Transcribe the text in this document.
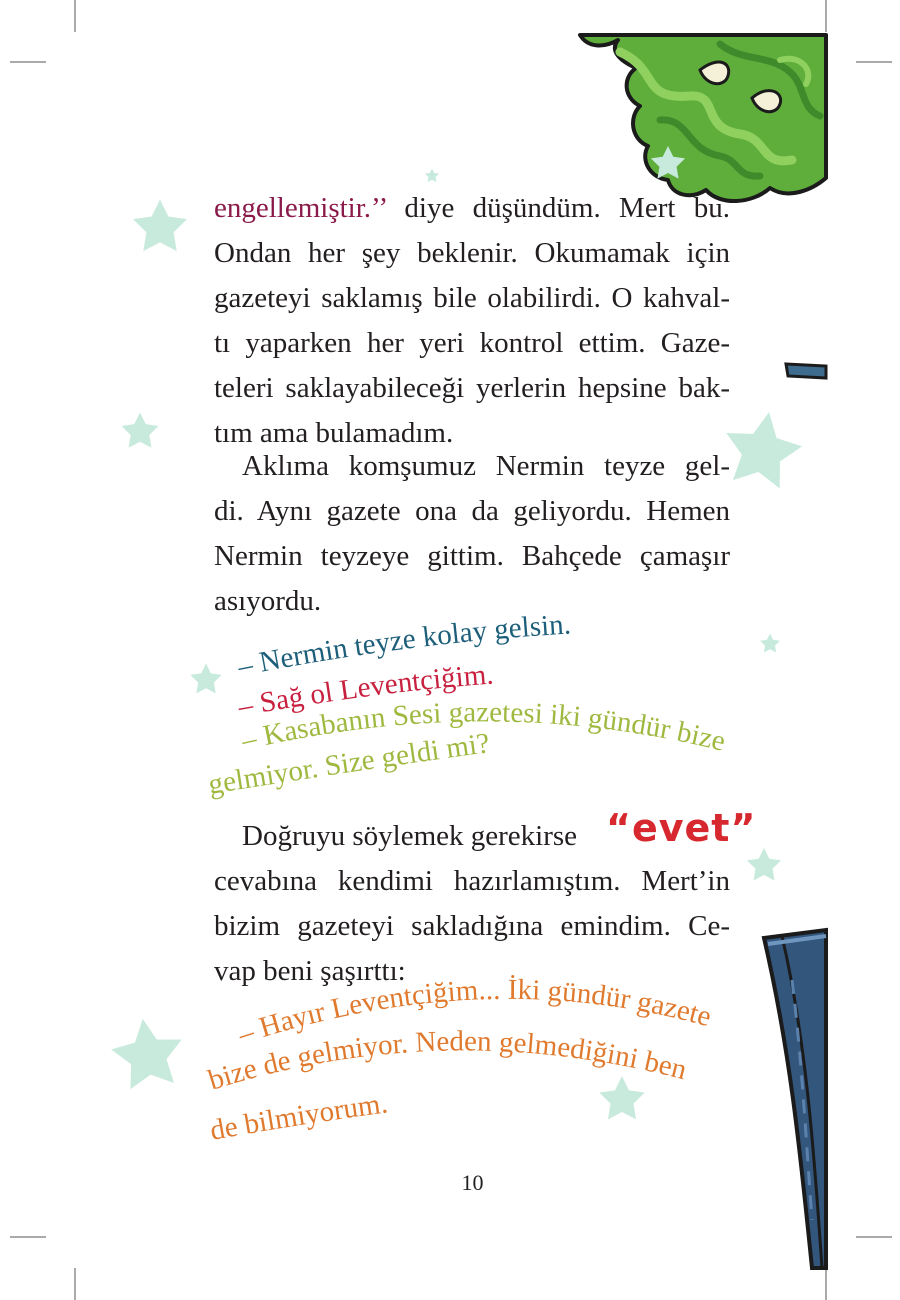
engellemiştir.’’ diye düşündüm. Mert bu.
Ondan her şey beklenir. Okumamak için
gazeteyi saklamış bile olabilirdi. O kahval-
tı yaparken her yeri kontrol ettim. Gaze-
teleri saklayabileceği yerlerin hepsine bak-
tım ama bulamadım.
Aklıma komşumuz Nermin teyze gel-
di. Aynı gazete ona da geliyordu. Hemen
Nermin teyzeye gittim. Bahçede çamaşır
asıyordu.
– Nermin teyze kolay gelsin.
– Sağ ol Leventçiğim.
– Kasabanın Sesi gazetesi iki gündür bize
gelmiyor. Size geldi mi?
Doğruyu söylemek gerekirse
cevabına kendimi hazırlamıştım. Mert’in
bizim gazeteyi sakladığına emindim. Ce-
vap beni şaşırttı:
“evet”
– Hayır Leventçiğim... İki gündür gazete
bize de gelmiyor. Neden gelmediğini ben
de bilmiyorum.
10
